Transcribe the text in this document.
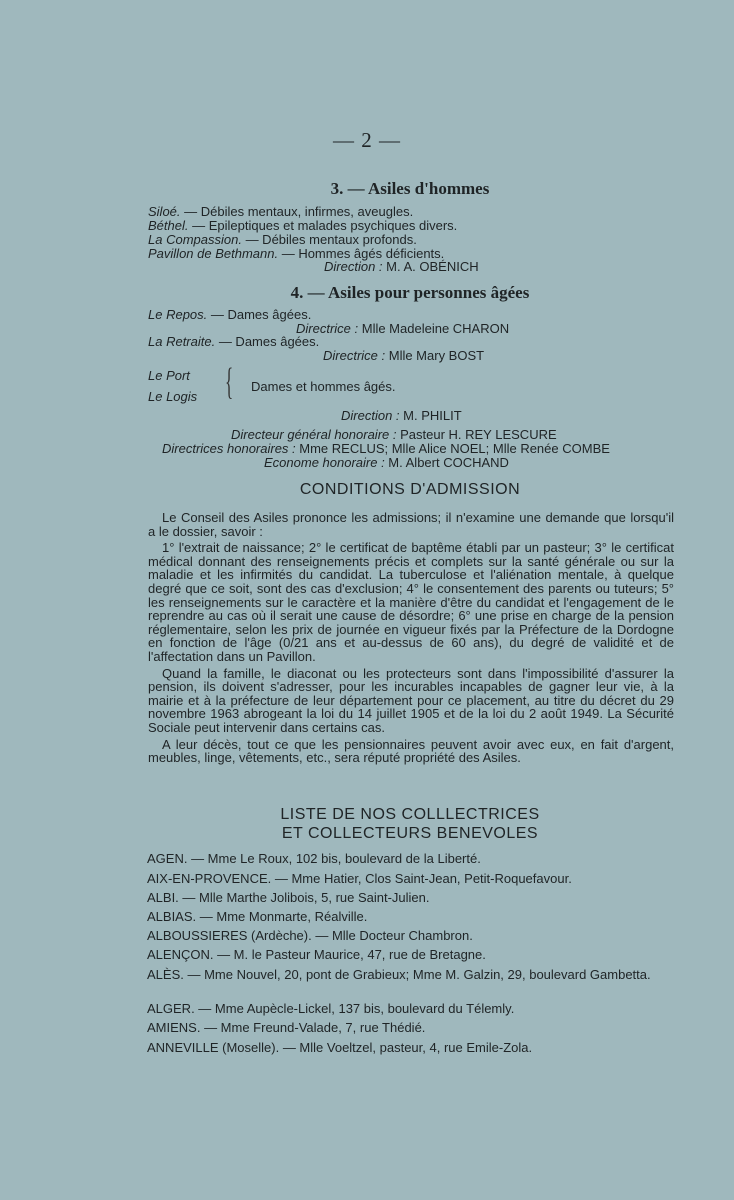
— 2 —
3. — Asiles d'hommes
Siloé. — Débiles mentaux, infirmes, aveugles.
Béthel. — Epileptiques et malades psychiques divers.
La Compassion. — Débiles mentaux profonds.
Pavillon de Bethmann. — Hommes âgés déficients.
Direction : M. A. OBÉNICH
4. — Asiles pour personnes âgées
Le Repos. — Dames âgées.
Directrice : Mlle Madeleine CHARON
La Retraite. — Dames âgées.
Directrice : Mlle Mary BOST
Le Port
Le Logis { Dames et hommes âgés.
Direction : M. PHILIT
Directeur général honoraire : Pasteur H. REY LESCURE
Directrices honoraires : Mme RECLUS; Mlle Alice NOEL; Mlle Renée COMBE
Econome honoraire : M. Albert COCHAND
CONDITIONS D'ADMISSION

Le Conseil des Asiles prononce les admissions; il n'examine une demande que lorsqu'il a le dossier, savoir :

1° l'extrait de naissance; 2° le certificat de baptême établi par un pasteur; 3° le certificat médical donnant des renseignements précis et complets sur la santé générale ou sur la maladie et les infirmités du candidat. La tuberculose et l'aliénation mentale, à quelque degré que ce soit, sont des cas d'exclusion; 4° le consentement des parents ou tuteurs; 5° les renseignements sur le caractère et la manière d'être du candidat et l'engagement de le reprendre au cas où il serait une cause de désordre; 6° une prise en charge de la pension réglementaire, selon les prix de journée en vigueur fixés par la Préfecture de la Dordogne en fonction de l'âge (0/21 ans et au-dessus de 60 ans), du degré de validité et de l'affectation dans un Pavillon.

Quand la famille, le diaconat ou les protecteurs sont dans l'impossibilité d'assurer la pension, ils doivent s'adresser, pour les incurables incapables de gagner leur vie, à la mairie et à la préfecture de leur département pour ce placement, au titre du décret du 29 novembre 1963 abrogeant la loi du 14 juillet 1905 et de la loi du 2 août 1949. La Sécurité Sociale peut intervenir dans certains cas.

A leur décès, tout ce que les pensionnaires peuvent avoir avec eux, en fait d'argent, meubles, linge, vêtements, etc., sera réputé propriété des Asiles.

LISTE DE NOS COLLLECTRICES
ET COLLECTEURS BENEVOLES
AGEN. — Mme Le Roux, 102 bis, boulevard de la Liberté.
AIX-EN-PROVENCE. — Mme Hatier, Clos Saint-Jean, Petit-Roquefavour.
ALBI. — Mlle Marthe Jolibois, 5, rue Saint-Julien.
ALBIAS. — Mme Monmarte, Réalville.
ALBOUSSIERES (Ardèche). — Mlle Docteur Chambron.
ALENÇON. — M. le Pasteur Maurice, 47, rue de Bretagne.
ALÈS. — Mme Nouvel, 20, pont de Grabieux; Mme M. Galzin, 29, boulevard Gambetta.
ALGER. — Mme Aupècle-Lickel, 137 bis, boulevard du Télemly.
AMIENS. — Mme Freund-Valade, 7, rue Thédié.
ANNEVILLE (Moselle). — Mlle Voeltzel, pasteur, 4, rue Emile-Zola.
